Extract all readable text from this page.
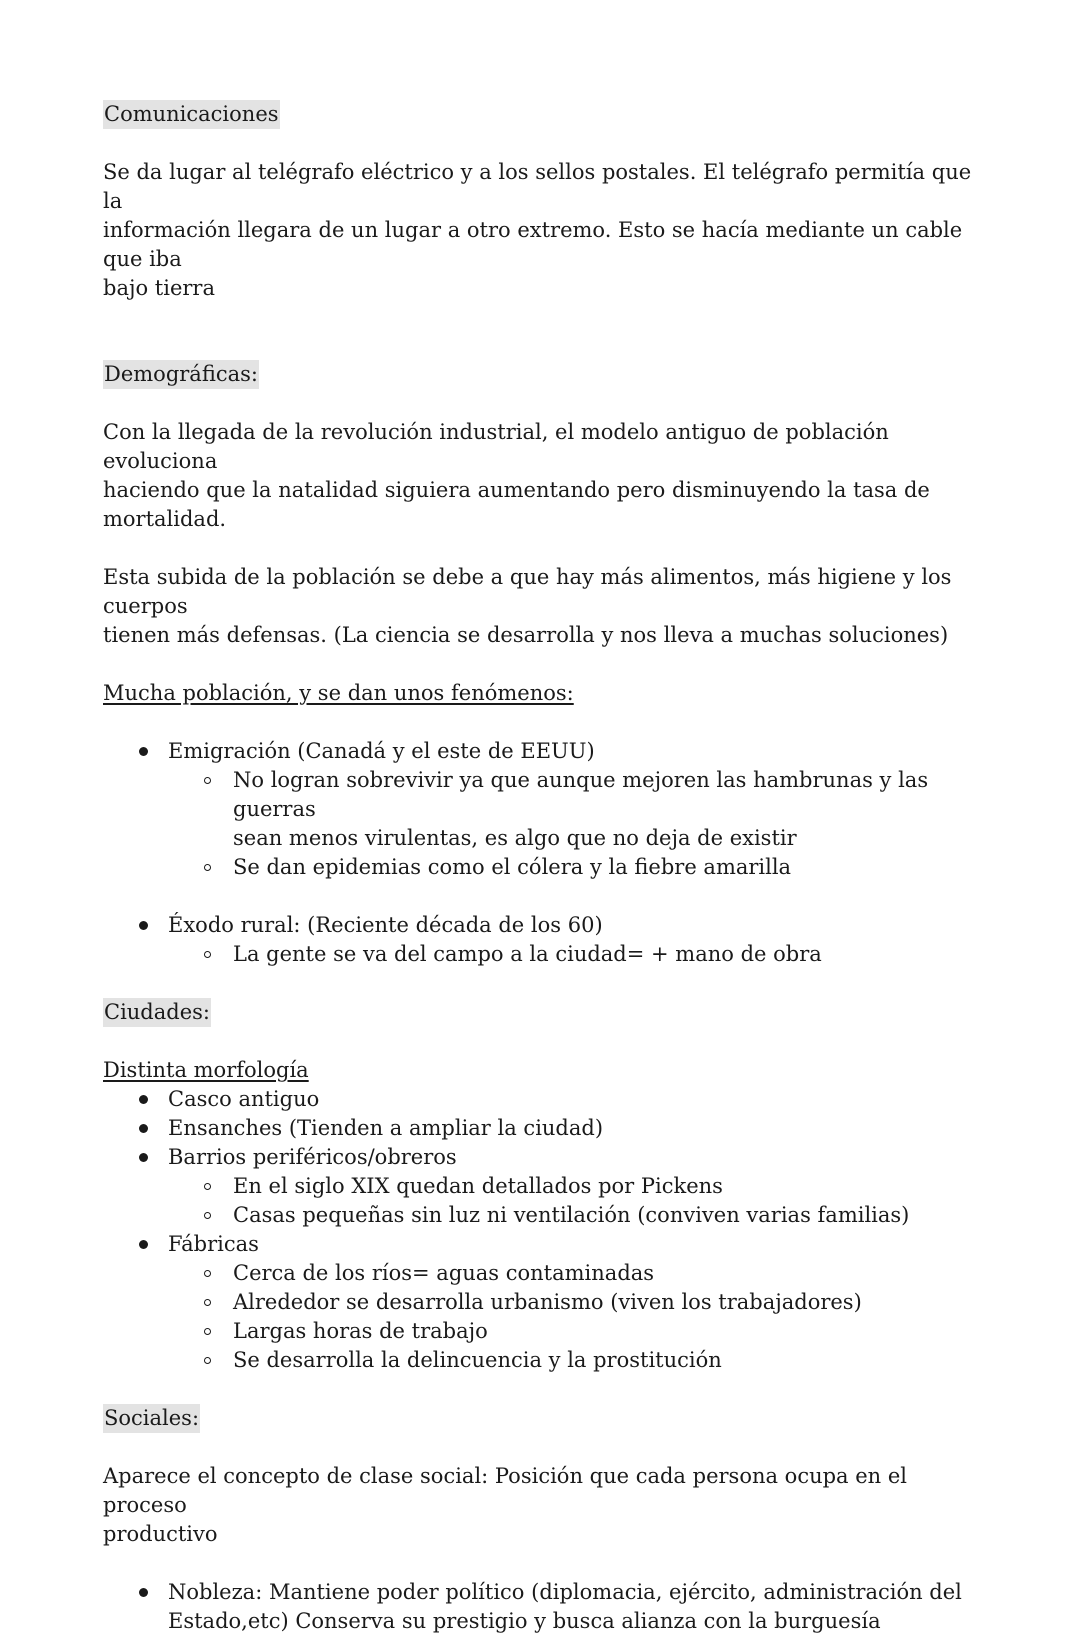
Comunicaciones

Se da lugar al telégrafo eléctrico y a los sellos postales. El telégrafo permitía que la

información llegara de un lugar a otro extremo. Esto se hacía mediante un cable que iba

bajo tierra

Demográficas:

Con la llegada de la revolución industrial, el modelo antiguo de población evoluciona

haciendo que la natalidad siguiera aumentando pero disminuyendo la tasa de mortalidad.

Esta subida de la población se debe a que hay más alimentos, más higiene y los cuerpos

tienen más defensas. (La ciencia se desarrolla y nos lleva a muchas soluciones)

Mucha población, y se dan unos fenómenos:

Emigración (Canadá y el este de EEUU)
No logran sobrevivir ya que aunque mejoren las hambrunas y las guerras
sean menos virulentas, es algo que no deja de existir
Se dan epidemias como el cólera y la fiebre amarilla
Éxodo rural: (Reciente década de los 60)
La gente se va del campo a la ciudad= + mano de obra

Ciudades:

Distinta morfología

Casco antiguo
Ensanches (Tienden a ampliar la ciudad)
Barrios periféricos/obreros
En el siglo XIX quedan detallados por Pickens
Casas pequeñas sin luz ni ventilación (conviven varias familias)
Fábricas
Cerca de los ríos= aguas contaminadas
Alrededor se desarrolla urbanismo (viven los trabajadores)
Largas horas de trabajo
Se desarrolla la delincuencia y la prostitución

Sociales:

Aparece el concepto de clase social: Posición que cada persona ocupa en el proceso

productivo

Nobleza: Mantiene poder político (diplomacia, ejército, administración del
Estado,etc) Conserva su prestigio y busca alianza con la burguesía
